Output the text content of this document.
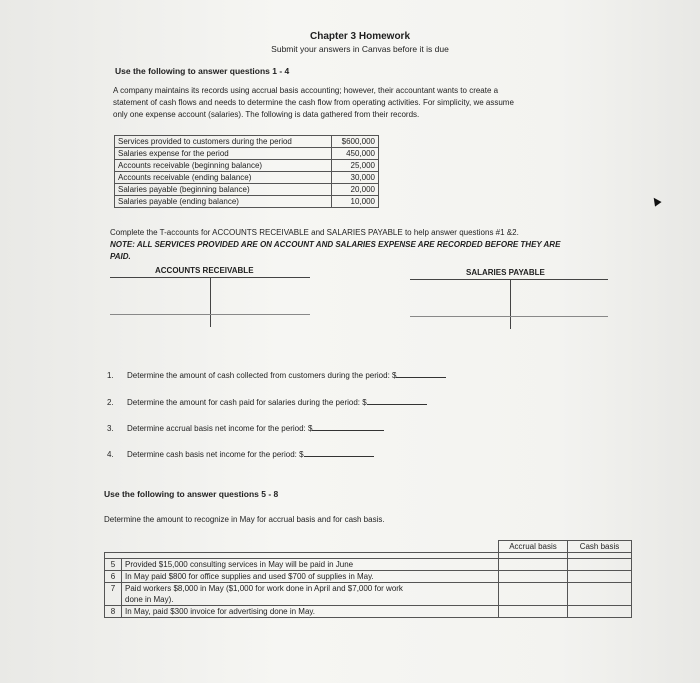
Chapter 3 Homework
Submit your answers in Canvas before it is due
Use the following to answer questions 1 - 4
A company maintains its records using accrual basis accounting; however, their accountant wants to create a
statement of cash flows and needs to determine the cash flow from operating activities. For simplicity, we assume
only one expense account (salaries). The following is data gathered from their records.
Services provided to customers during the period	$600,000
Salaries expense for the period	450,000
Accounts receivable (beginning balance)	25,000
Accounts receivable (ending balance)	30,000
Salaries payable (beginning balance)	20,000
Salaries payable (ending balance)	10,000
Complete the T-accounts for ACCOUNTS RECEIVABLE and SALARIES PAYABLE to help answer questions #1 &2.
NOTE: ALL SERVICES PROVIDED ARE ON ACCOUNT AND SALARIES EXPENSE ARE RECORDED BEFORE THEY ARE
PAID.
ACCOUNTS RECEIVABLE	SALARIES PAYABLE
1. Determine the amount of cash collected from customers during the period: $
2. Determine the amount for cash paid for salaries during the period: $
3. Determine accrual basis net income for the period: $
4. Determine cash basis net income for the period: $
Use the following to answer questions 5 - 8
Determine the amount to recognize in May for accrual basis and for cash basis.
		Accrual basis	Cash basis

5	Provided $15,000 consulting services in May will be paid in June		

6	In May paid $800 for office supplies and used $700 of supplies in May.		

7	Paid workers $8,000 in May ($1,000 for work done in April and $7,000 for work
done in May).		

8	In May, paid $300 invoice for advertising done in May.		
